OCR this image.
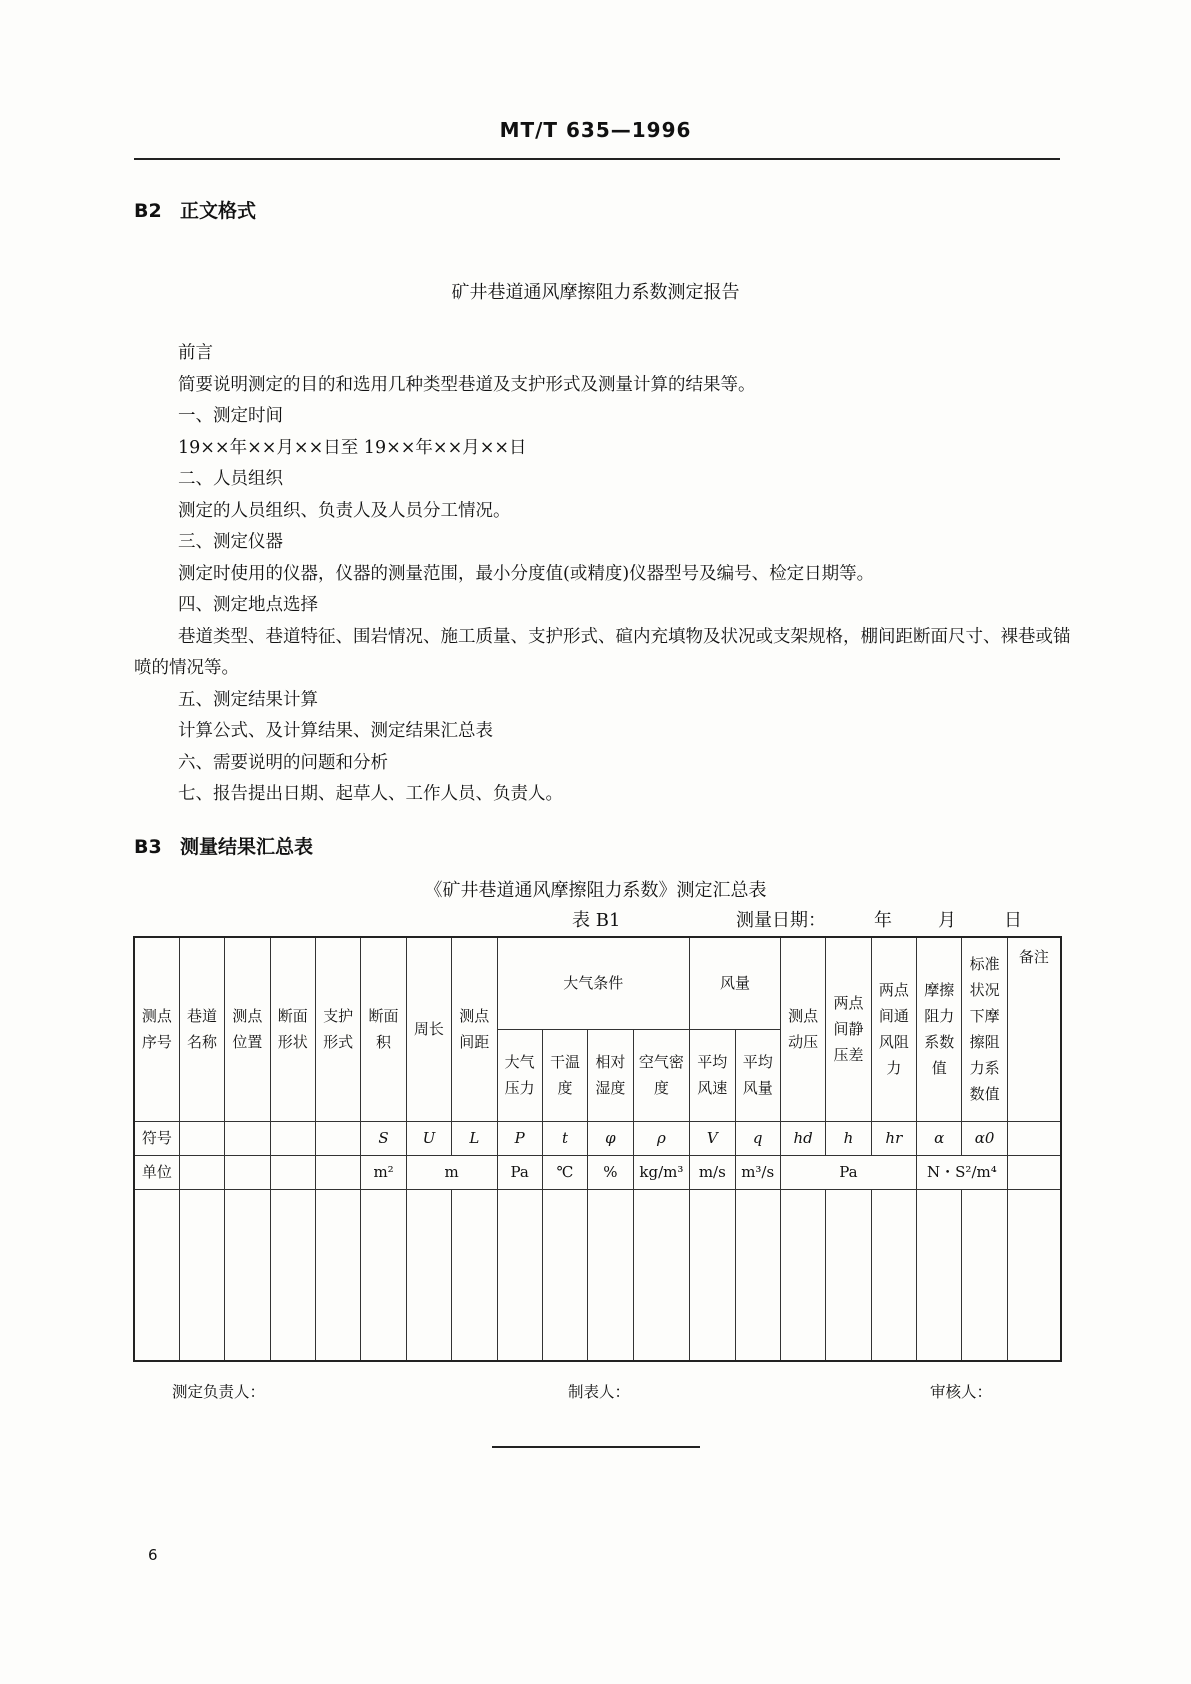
MT/T 635—1996
B2 正文格式
矿井巷道通风摩擦阻力系数测定报告

前言

简要说明测定的目的和选用几种类型巷道及支护形式及测量计算的结果等。

一、测定时间

19××年××月××日至 19××年××月××日

二、人员组织

测定的人员组织、负责人及人员分工情况。

三、测定仪器

测定时使用的仪器，仪器的测量范围，最小分度值(或精度)仪器型号及编号、检定日期等。

四、测定地点选择

巷道类型、巷道特征、围岩情况、施工质量、支护形式、碹内充填物及状况或支架规格，棚间距断面尺寸、裸巷或锚喷的情况等。

五、测定结果计算

计算公式、及计算结果、测定结果汇总表

六、需要说明的问题和分析

七、报告提出日期、起草人、工作人员、负责人。

B3 测量结果汇总表
《矿井巷道通风摩擦阻力系数》测定汇总表
表 B1	测量日期：	年	月	日
测点序号	巷道名称	测点位置	断面形状	支护形式	断面积	周长	测点间距	大气条件				风量		测点动压	两点间静压差	两点间通风阻力	摩擦阻力系数值	标准状况下摩擦阻力系数值	备注
								大气压力	干温度	相对湿度	空气密度	平均风速	平均风量						
符号					S	U	L	P	t	φ	ρ	V	q	hd	h	hr	α	α0	
单位					m²	m		Pa	℃	%	kg/m³	m/s	m³/s	Pa			N・S²/m⁴		

测定负责人：	制表人：	审核人：
6
